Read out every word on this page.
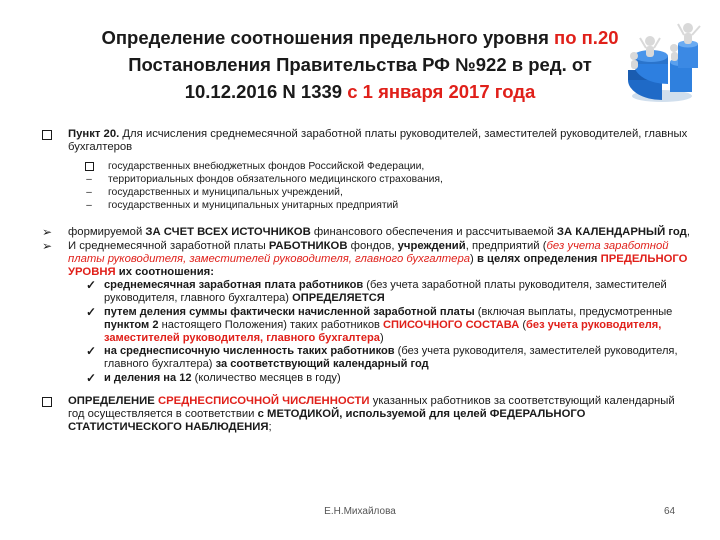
Определение соотношения предельного уровня по п.20 Постановления Правительства РФ №922 в ред. от 10.12.2016 N 1339 с 1 января 2017 года
Пункт 20. Для исчисления среднемесячной заработной платы руководителей, заместителей руководителей, главных бухгалтеров
государственных внебюджетных фондов Российской Федерации,
–	территориальных фондов обязательного медицинского страхования,
–	государственных и муниципальных учреждений,
–	государственных и муниципальных унитарных предприятий
➢ формируемой ЗА СЧЕТ ВСЕХ ИСТОЧНИКОВ финансового обеспечения и рассчитываемой ЗА КАЛЕНДАРНЫЙ год,
➢ И среднемесячной заработной платы РАБОТНИКОВ фондов, учреждений, предприятий (без учета заработной платы руководителя, заместителей руководителя, главного бухгалтера) в целях определения ПРЕДЕЛЬНОГО УРОВНЯ их соотношения:
✓ среднемесячная заработная плата работников (без учета заработной платы руководителя, заместителей руководителя, главного бухгалтера) ОПРЕДЕЛЯЕТСЯ
✓ путем деления суммы фактически начисленной заработной платы (включая выплаты, предусмотренные пунктом 2 настоящего Положения) таких работников СПИСОЧНОГО СОСТАВА (без учета руководителя, заместителей руководителя, главного бухгалтера)
✓ на среднесписочную численность таких работников (без учета руководителя, заместителей руководителя, главного бухгалтера) за соответствующий календарный год
✓ и деления на 12 (количество месяцев в году)
ОПРЕДЕЛЕНИЕ СРЕДНЕСПИСОЧНОЙ ЧИСЛЕННОСТИ указанных работников за соответствующий календарный год осуществляется в соответствии с МЕТОДИКОЙ, используемой для целей ФЕДЕРАЛЬНОГО СТАТИСТИЧЕСКОГО НАБЛЮДЕНИЯ;
Е.Н.Михайлова	64
